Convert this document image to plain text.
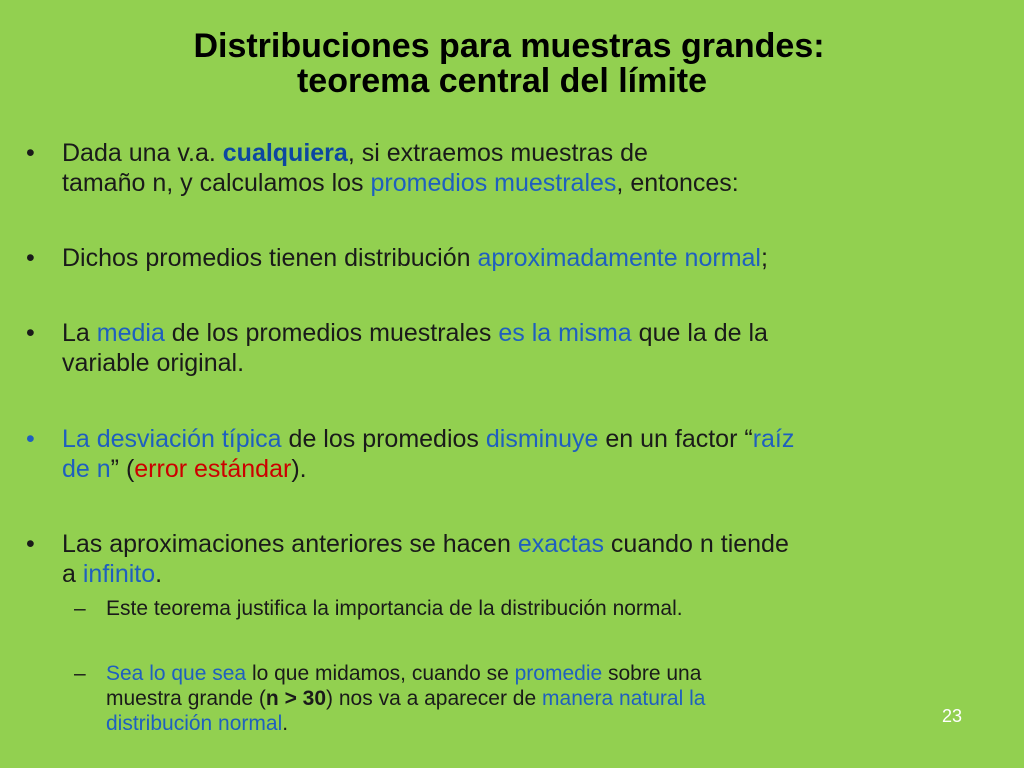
Distribuciones para muestras grandes:
teorema central del límite
• Dada una v.a. cualquiera, si extraemos muestras de
tamaño n, y calculamos los promedios muestrales, entonces:
• Dichos promedios tienen distribución aproximadamente normal;
• La media de los promedios muestrales es la misma que la de la
variable original.
• La desviación típica de los promedios disminuye en un factor “raíz
de n” (error estándar).
• Las aproximaciones anteriores se hacen exactas cuando n tiende
a infinito.
– Este teorema justifica la importancia de la distribución normal.
– Sea lo que sea lo que midamos, cuando se promedie sobre una
muestra grande (n > 30) nos va a aparecer de manera natural la
distribución normal.	23
